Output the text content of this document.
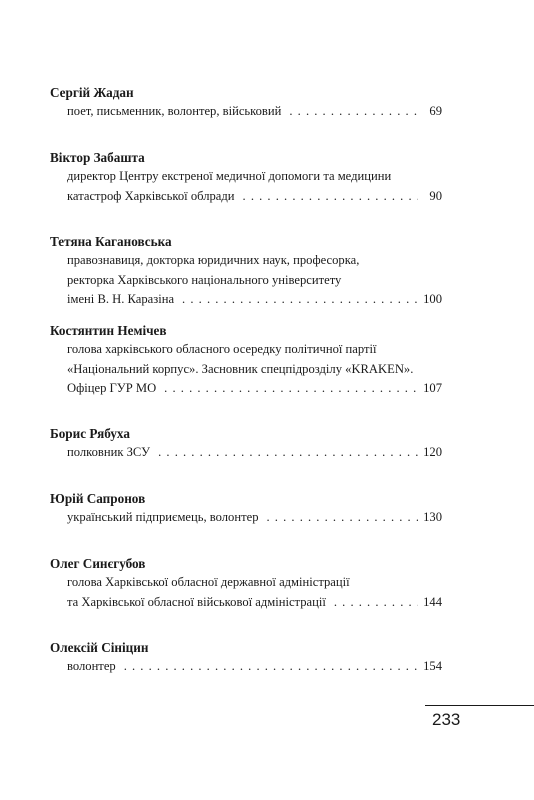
Сергій Жадан
поет, письменник, волонтер, військовий . . .	69
Віктор Забашта
директор Центру екстреної медичної допомоги та медицини
катастроф Харківської облради . . .	90
Тетяна Кагановська
правознавиця, докторка юридичних наук, професорка,
ректорка Харківського національного університету
імені В. Н. Каразіна . . .	100
Костянтин Немічев
голова харківського обласного осередку політичної партії
«Національний корпус». Засновник спецпідрозділу «KRAKEN».
Офіцер ГУР МО . . .	107
Борис Рябуха
полковник ЗСУ . . .	120
Юрій Сапронов
український підприємець, волонтер . . .	130
Олег Синєгубов
голова Харківської обласної державної адміністрації
та Харківської обласної військової адміністрації . . .	144
Олексій Сініцин
волонтер . . .	154
233
